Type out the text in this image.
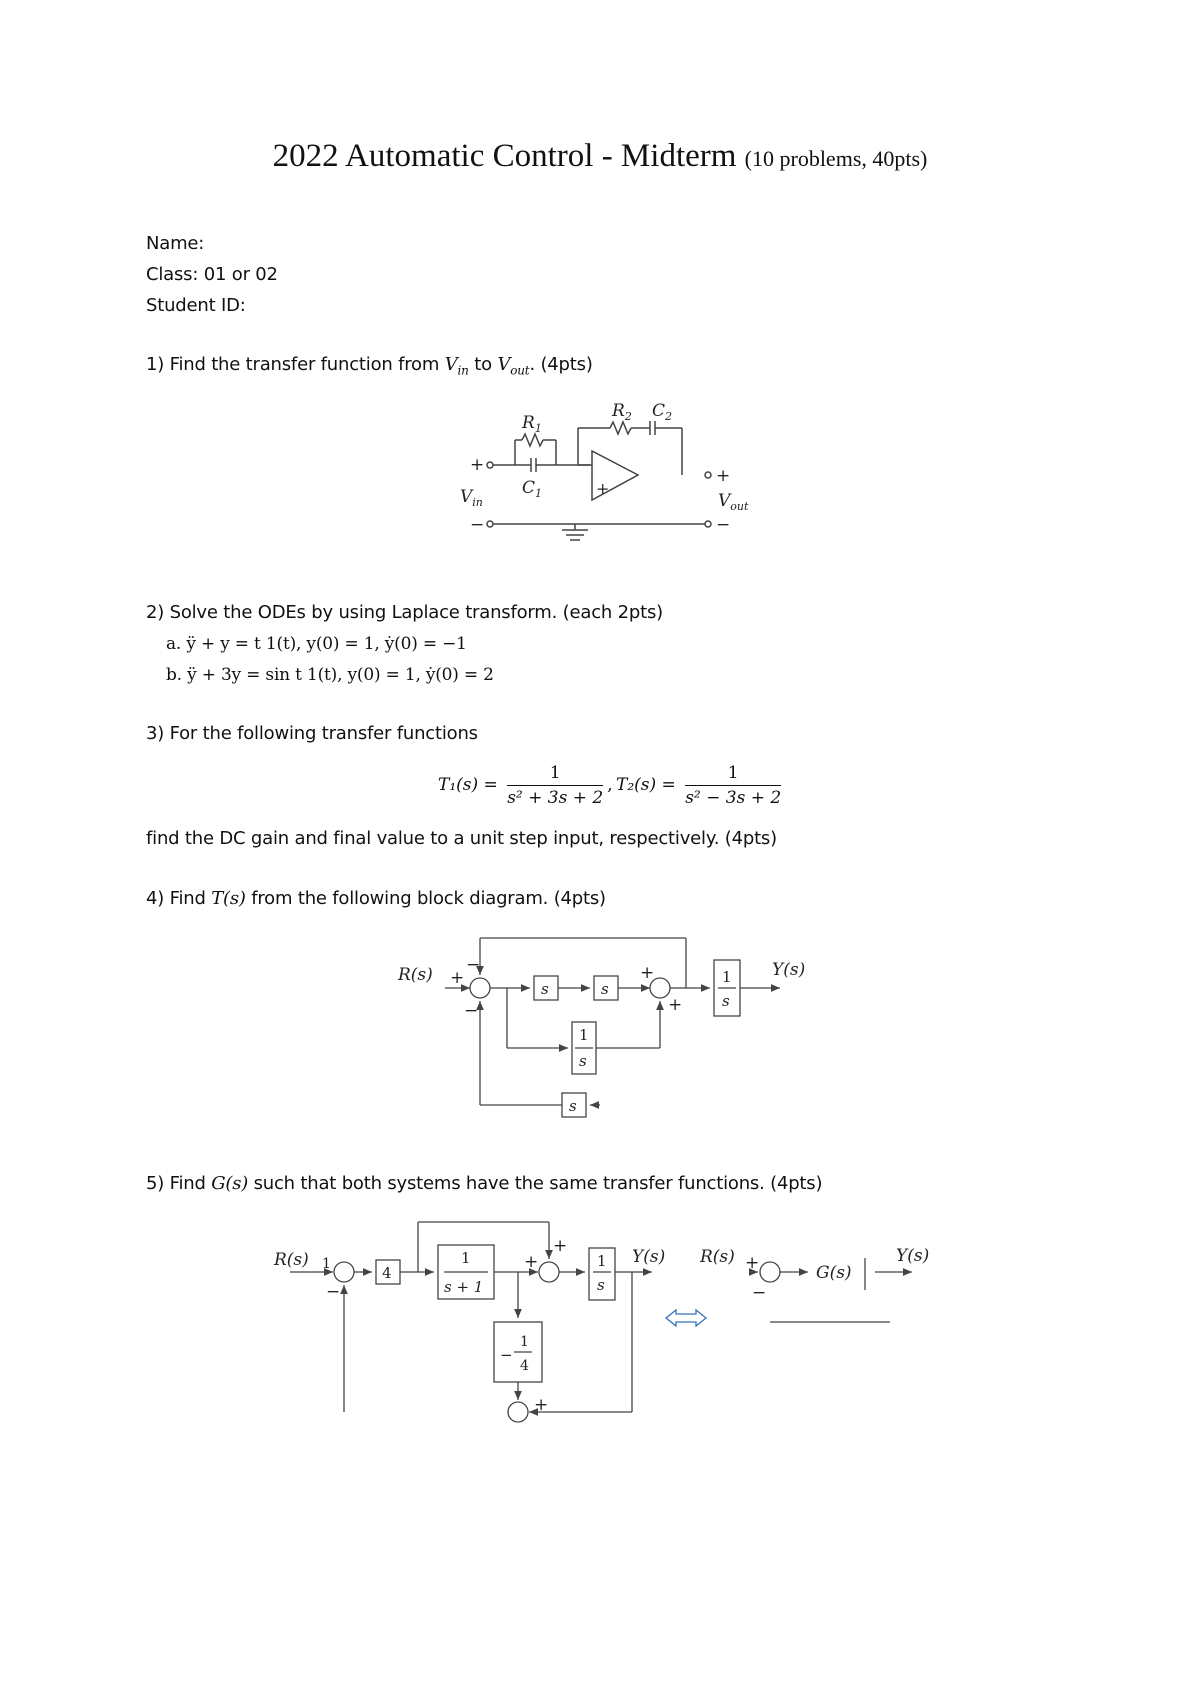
2022 Automatic Control - Midterm (10 problems, 40pts)
Name:
Class: 01 or 02
Student ID:
1) Find the transfer function from $V_{in}$ to $V_{out}$. (4pts)
$R_1$
$C_1$
$R_2$ $C_2$
+
+
$V_{in}$
−
+
$V_{out}$
−
2) Solve the ODEs by using Laplace transform. (each 2pts)
a. ÿ + y = t 1(t), y(0) = 1, ẏ(0) = −1
b. ÿ + 3y = sin t 1(t), y(0) = 1, ẏ(0) = 2
3) For the following transfer functions
$T_1(s) = \frac{1}{\text{s² + 3s + 2}}$ , $T_2(s) = \frac{1}{\text{s² − 3s + 2}}$
find the DC gain and final value to a unit step input, respectively. (4pts)
4) Find T(s) from the following block diagram. (4pts)
R(s) +
−
−
s	s
+
+
1
s
Y(s)
1
s
s
5) Find G(s) such that both systems have the same transfer functions. (4pts)
R(s) 1
−
4
1
s + 1
+
+
1
s
Y(s)
−
1
4
+
R(s) +
−
G(s)
Y(s)
